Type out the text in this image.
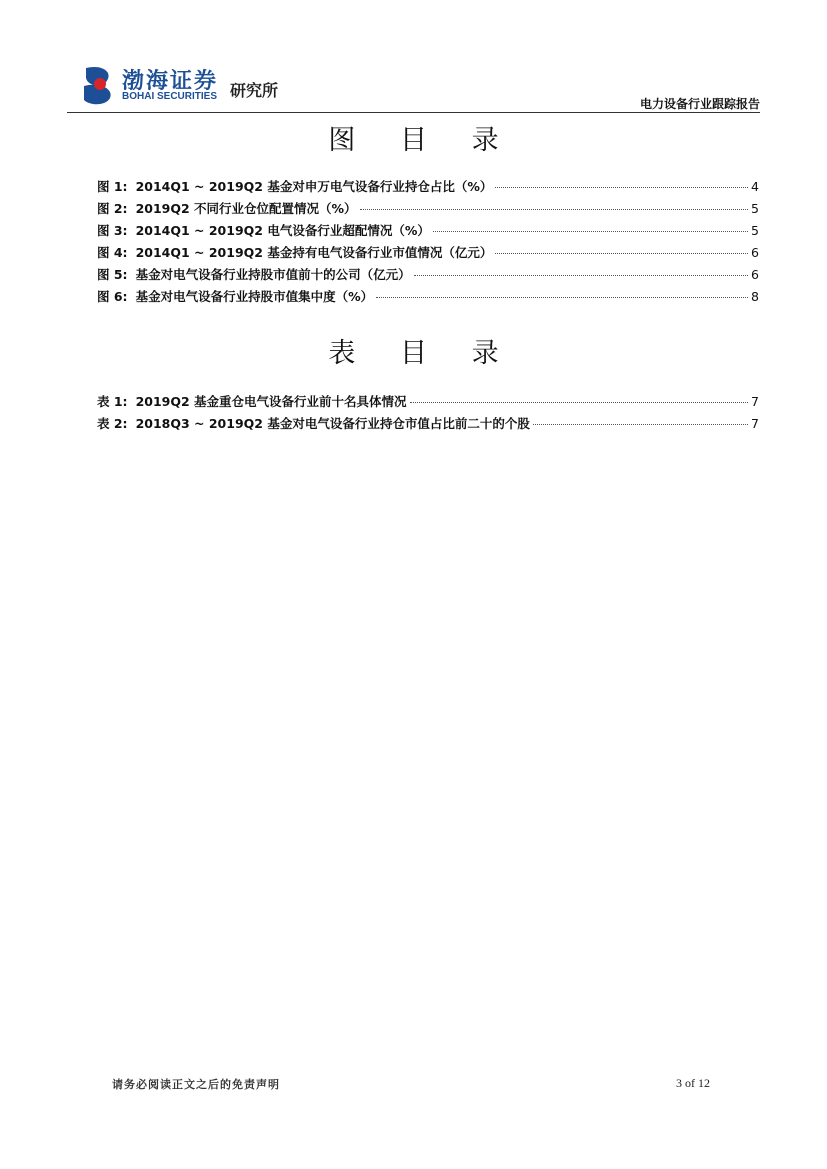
渤海证券
BOHAI SECURITIES 研究所
电力设备行业跟踪报告
图 目 录
图 1: 2014Q1 ~ 2019Q2 基金对申万电气设备行业持仓占比（%）	4
图 2: 2019Q2 不同行业仓位配置情况（%）	5
图 3: 2014Q1 ~ 2019Q2 电气设备行业超配情况（%）	5
图 4: 2014Q1 ~ 2019Q2 基金持有电气设备行业市值情况（亿元）	6
图 5: 基金对电气设备行业持股市值前十的公司（亿元）	6
图 6: 基金对电气设备行业持股市值集中度（%）	8
表 目 录
表 1: 2019Q2 基金重仓电气设备行业前十名具体情况	7
表 2: 2018Q3 ~ 2019Q2 基金对电气设备行业持仓市值占比前二十的个股	7
请务必阅读正文之后的免责声明	3 of 12
